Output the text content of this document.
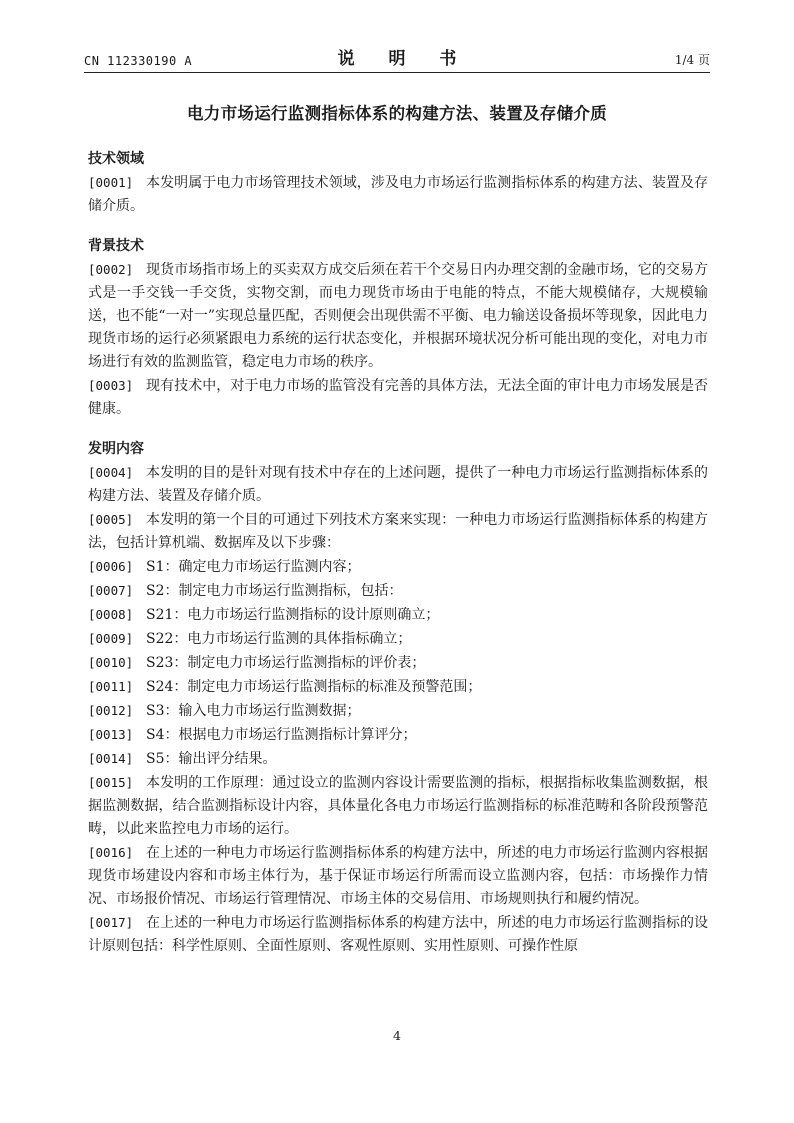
CN 112330190 A	说 明 书	1/4 页
电力市场运行监测指标体系的构建方法、装置及存储介质

技术领域

[0001] 本发明属于电力市场管理技术领域，涉及电力市场运行监测指标体系的构建方法、装置及存储介质。

背景技术

[0002] 现货市场指市场上的买卖双方成交后须在若干个交易日内办理交割的金融市场，它的交易方式是一手交钱一手交货，实物交割，而电力现货市场由于电能的特点，不能大规模储存，大规模输送，也不能“一对一”实现总量匹配，否则便会出现供需不平衡、电力输送设备损坏等现象，因此电力现货市场的运行必须紧跟电力系统的运行状态变化，并根据环境状况分析可能出现的变化，对电力市场进行有效的监测监管，稳定电力市场的秩序。

[0003] 现有技术中，对于电力市场的监管没有完善的具体方法，无法全面的审计电力市场发展是否健康。

发明内容

[0004] 本发明的目的是针对现有技术中存在的上述问题，提供了一种电力市场运行监测指标体系的构建方法、装置及存储介质。

[0005] 本发明的第一个目的可通过下列技术方案来实现：一种电力市场运行监测指标体系的构建方法，包括计算机端、数据库及以下步骤：

[0006] S1：确定电力市场运行监测内容；

[0007] S2：制定电力市场运行监测指标，包括：

[0008] S21：电力市场运行监测指标的设计原则确立；

[0009] S22：电力市场运行监测的具体指标确立；

[0010] S23：制定电力市场运行监测指标的评价表；

[0011] S24：制定电力市场运行监测指标的标准及预警范围；

[0012] S3：输入电力市场运行监测数据；

[0013] S4：根据电力市场运行监测指标计算评分；

[0014] S5：输出评分结果。

[0015] 本发明的工作原理：通过设立的监测内容设计需要监测的指标，根据指标收集监测数据，根据监测数据，结合监测指标设计内容，具体量化各电力市场运行监测指标的标准范畴和各阶段预警范畴，以此来监控电力市场的运行。

[0016] 在上述的一种电力市场运行监测指标体系的构建方法中，所述的电力市场运行监测内容根据现货市场建设内容和市场主体行为，基于保证市场运行所需而设立监测内容，包括：市场操作力情况、市场报价情况、市场运行管理情况、市场主体的交易信用、市场规则执行和履约情况。

[0017] 在上述的一种电力市场运行监测指标体系的构建方法中，所述的电力市场运行监测指标的设计原则包括：科学性原则、全面性原则、客观性原则、实用性原则、可操作性原

4
